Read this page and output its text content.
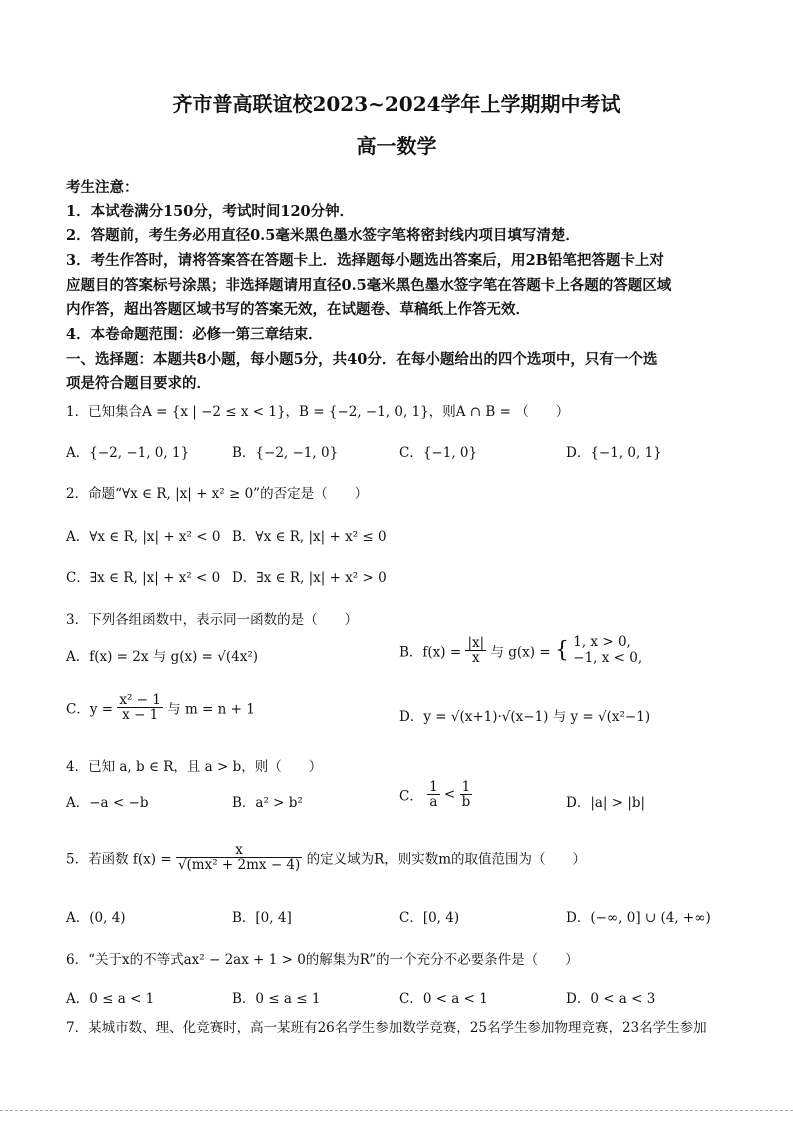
齐市普高联谊校2023~2024学年上学期期中考试
高一数学
考生注意：
1．本试卷满分150分，考试时间120分钟．
2．答题前，考生务必用直径0.5毫米黑色墨水签字笔将密封线内项目填写清楚．
3．考生作答时，请将答案答在答题卡上．选择题每小题选出答案后，用2B铅笔把答题卡上对
应题目的答案标号涂黑；非选择题请用直径0.5毫米黑色墨水签字笔在答题卡上各题的答题区域
内作答，超出答题区域书写的答案无效，在试题卷、草稿纸上作答无效．
4．本卷命题范围：必修一第三章结束．
一、选择题：本题共8小题，每小题5分，共40分．在每小题给出的四个选项中，只有一个选
项是符合题目要求的．
1．已知集合A = {x | −2 ≤ x < 1}，B = {−2, −1, 0, 1}，则A ∩ B = （　　）
A．{−2, −1, 0, 1}	B．{−2, −1, 0}	C．{−1, 0}	D．{−1, 0, 1}
2．命题“∀x ∈ R, |x| + x² ≥ 0”的否定是（　　）
A．∀x ∈ R, |x| + x² < 0 B．∀x ∈ R, |x| + x² ≤ 0
C．∃x ∈ R, |x| + x² < 0 D．∃x ∈ R, |x| + x² > 0
3．下列各组函数中，表示同一函数的是（　　）
A．f(x) = 2x 与 g(x) = √(4x²)	B．$f(x) = \frac{|x|}{x}$ 与 g(x) = { 1, x > 0,
−1, x < 0,
C．$y = \frac{\text{x² − 1}}{x - 1}$ 与 m = n + 1	D．y = √(x+1)·√(x−1) 与 y = √(x²−1)
4．已知 a, b ∈ R，且 a > b，则（　　）
A．−a < −b	B．a² > b²	C． $\frac{1}{a} < \frac{1}{b}$	D．|a| > |b|
5．若函数 $f(x) = \frac{x}{\text{√(mx² + 2mx − 4)}}$ 的定义域为R，则实数m的取值范围为（　　）
A．(0, 4)	B．[0, 4]	C．[0, 4)	D．(−∞, 0] ∪ (4, +∞)
6．“关于x的不等式ax² − 2ax + 1 > 0的解集为R”的一个充分不必要条件是（　　）
A．0 ≤ a < 1	B．0 ≤ a ≤ 1	C．0 < a < 1	D．0 < a < 3
7．某城市数、理、化竞赛时，高一某班有26名学生参加数学竞赛，25名学生参加物理竞赛，23名学生参加
